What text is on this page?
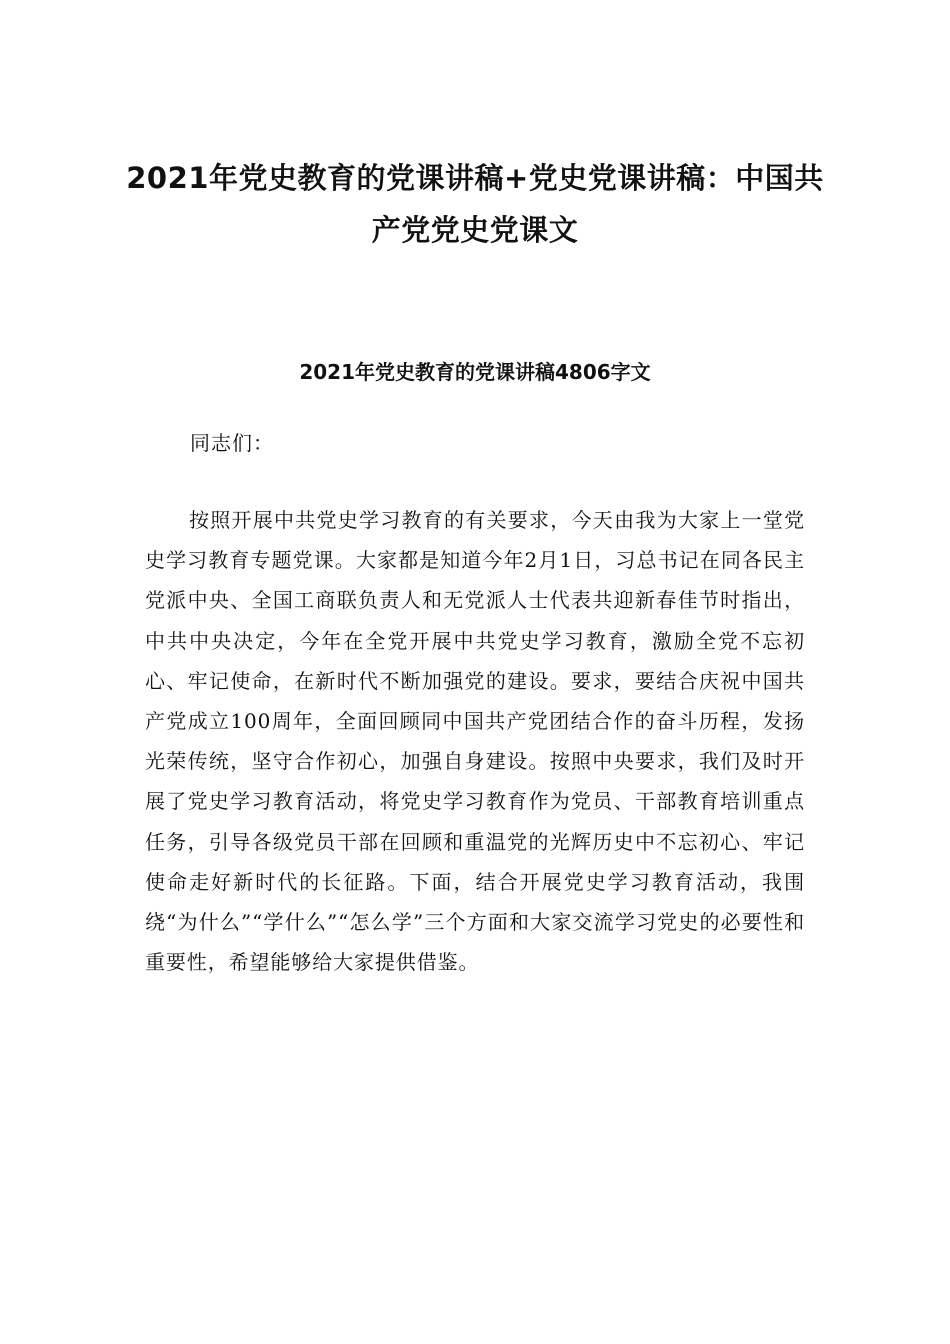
2021年党史教育的党课讲稿+党史党课讲稿：中国共产党党史党课文
2021年党史教育的党课讲稿4806字文

同志们：

按照开展中共党史学习教育的有关要求，今天由我为大家上一堂党史学习教育专题党课。大家都是知道今年2月1日，习总书记在同各民主党派中央、全国工商联负责人和无党派人士代表共迎新春佳节时指出，中共中央决定，今年在全党开展中共党史学习教育，激励全党不忘初心、牢记使命，在新时代不断加强党的建设。要求，要结合庆祝中国共产党成立100周年，全面回顾同中国共产党团结合作的奋斗历程，发扬光荣传统，坚守合作初心，加强自身建设。按照中央要求，我们及时开展了党史学习教育活动，将党史学习教育作为党员、干部教育培训重点任务，引导各级党员干部在回顾和重温党的光辉历史中不忘初心、牢记使命走好新时代的长征路。下面，结合开展党史学习教育活动，我围绕“为什么”“学什么”“怎么学”三个方面和大家交流学习党史的必要性和重要性，希望能够给大家提供借鉴。
